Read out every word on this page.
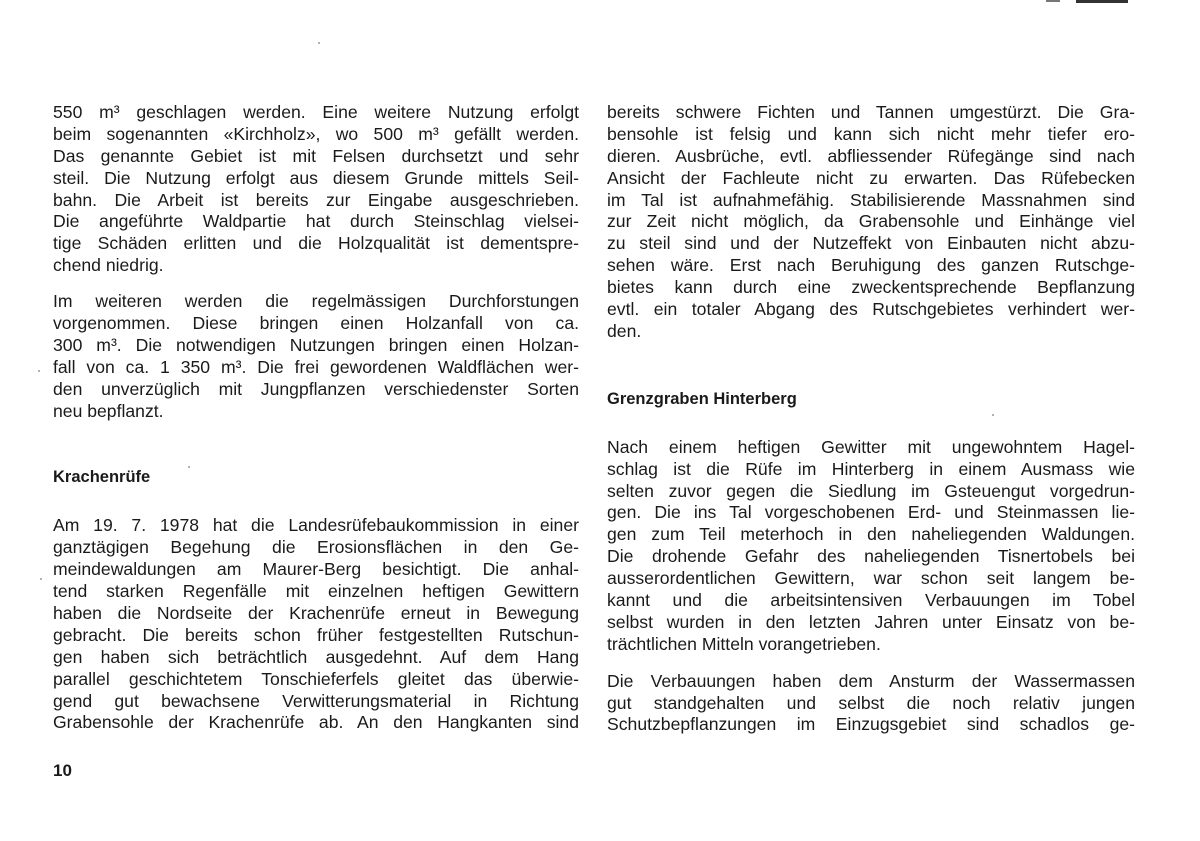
550 m³ geschlagen werden. Eine weitere Nutzung erfolgt
beim sogenannten «Kirchholz», wo 500 m³ gefällt werden.
Das genannte Gebiet ist mit Felsen durchsetzt und sehr
steil. Die Nutzung erfolgt aus diesem Grunde mittels Seil-
bahn. Die Arbeit ist bereits zur Eingabe ausgeschrieben.
Die angeführte Waldpartie hat durch Steinschlag vielsei-
tige Schäden erlitten und die Holzqualität ist dementspre-
chend niedrig.
Im weiteren werden die regelmässigen Durchforstungen
vorgenommen. Diese bringen einen Holzanfall von ca.
300 m³. Die notwendigen Nutzungen bringen einen Holzan-
fall von ca. 1 350 m³. Die frei gewordenen Waldflächen wer-
den unverzüglich mit Jungpflanzen verschiedenster Sorten
neu bepflanzt.
Krachenrüfe
Am 19. 7. 1978 hat die Landesrüfebaukommission in einer
ganztägigen Begehung die Erosionsflächen in den Ge-
meindewaldungen am Maurer-Berg besichtigt. Die anhal-
tend starken Regenfälle mit einzelnen heftigen Gewittern
haben die Nordseite der Krachenrüfe erneut in Bewegung
gebracht. Die bereits schon früher festgestellten Rutschun-
gen haben sich beträchtlich ausgedehnt. Auf dem Hang
parallel geschichtetem Tonschieferfels gleitet das überwie-
gend gut bewachsene Verwitterungsmaterial in Richtung
Grabensohle der Krachenrüfe ab. An den Hangkanten sind
bereits schwere Fichten und Tannen umgestürzt. Die Gra-
bensohle ist felsig und kann sich nicht mehr tiefer ero-
dieren. Ausbrüche, evtl. abfliessender Rüfegänge sind nach
Ansicht der Fachleute nicht zu erwarten. Das Rüfebecken
im Tal ist aufnahmefähig. Stabilisierende Massnahmen sind
zur Zeit nicht möglich, da Grabensohle und Einhänge viel
zu steil sind und der Nutzeffekt von Einbauten nicht abzu-
sehen wäre. Erst nach Beruhigung des ganzen Rutschge-
bietes kann durch eine zweckentsprechende Bepflanzung
evtl. ein totaler Abgang des Rutschgebietes verhindert wer-
den.
Grenzgraben Hinterberg
Nach einem heftigen Gewitter mit ungewohntem Hagel-
schlag ist die Rüfe im Hinterberg in einem Ausmass wie
selten zuvor gegen die Siedlung im Gsteuengut vorgedrun-
gen. Die ins Tal vorgeschobenen Erd- und Steinmassen lie-
gen zum Teil meterhoch in den naheliegenden Waldungen.
Die drohende Gefahr des naheliegenden Tisnertobels bei
ausserordentlichen Gewittern, war schon seit langem be-
kannt und die arbeitsintensiven Verbauungen im Tobel
selbst wurden in den letzten Jahren unter Einsatz von be-
trächtlichen Mitteln vorangetrieben.
Die Verbauungen haben dem Ansturm der Wassermassen
gut standgehalten und selbst die noch relativ jungen
Schutzbepflanzungen im Einzugsgebiet sind schadlos ge-
10
